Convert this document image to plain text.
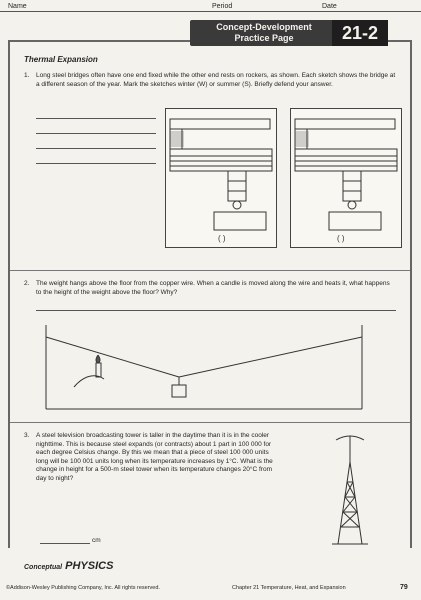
Name	Period	Date
Concept-Development
Practice Page	21-2
Thermal Expansion
1. Long steel bridges often have one end fixed while the other end rests on rockers, as shown. Each sketch shows the bridge at a different season of the year. Mark the sketches winter (W) or summer (S). Briefly defend your answer.
( )	( )
2. The weight hangs above the floor from the copper wire. When a candle is moved along the wire and heats it, what happens to the height of the weight above the floor? Why?
3. A steel television broadcasting tower is taller in the daytime than it is in the cooler nighttime. This is because steel expands (or contracts) about 1 part in 100 000 for each degree Celsius change. By this we mean that a piece of steel 100 000 units long will be 100 001 units long when its temperature increases by 1°C. What is the change in height for a 500-m steel tower when its temperature changes 20°C from day to night?
cm
Conceptual PHYSICS
©Addison-Wesley Publishing Company, Inc. All rights reserved.	Chapter 21 Temperature, Heat, and Expansion	79
